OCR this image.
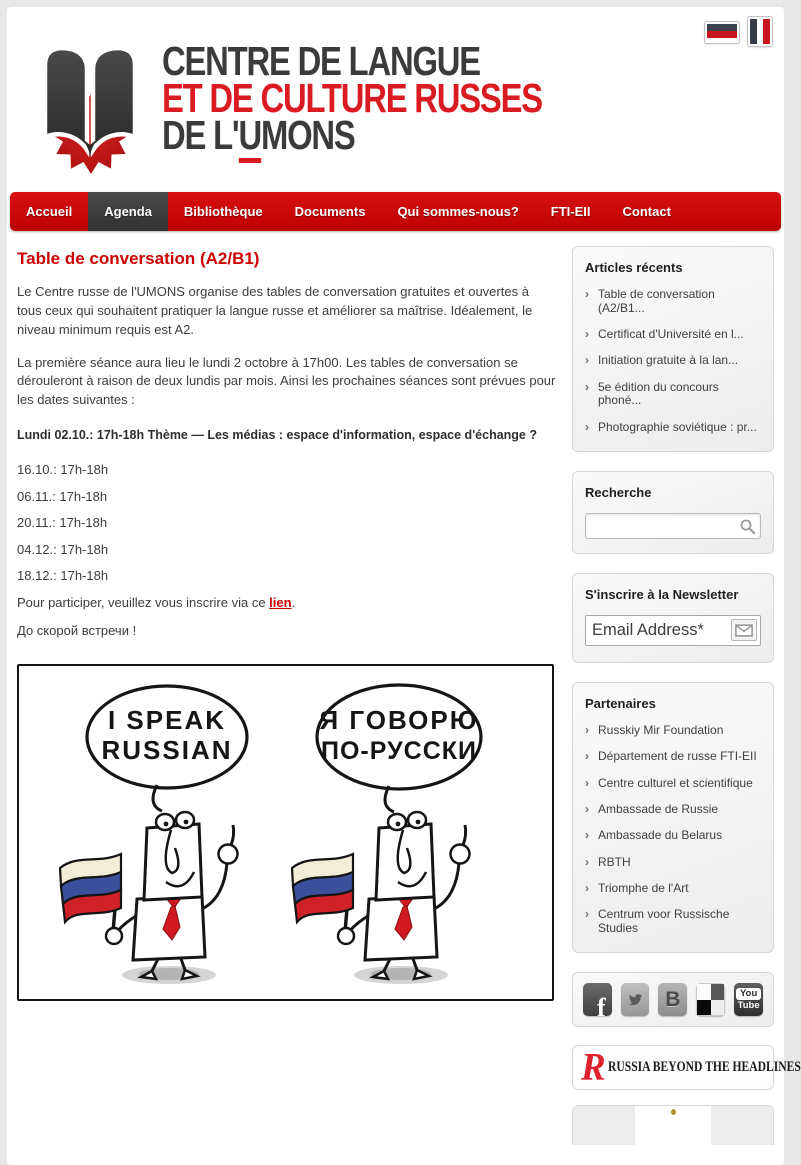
CENTRE DE LANGUE
ET DE CULTURE RUSSES
DE L'UMONS
Accueil	Agenda	Bibliothèque	Documents	Qui sommes-nous?	FTI-EII	Contact
Table de conversation (A2/B1)

Le Centre russe de l'UMONS organise des tables de conversation gratuites et ouvertes à tous ceux qui souhaitent pratiquer la langue russe et améliorer sa maîtrise. Idéalement, le niveau minimum requis est A2.

La première séance aura lieu le lundi 2 octobre à 17h00. Les tables de conversation se dérouleront à raison de deux lundis par mois. Ainsi les prochaines séances sont prévues pour les dates suivantes :

Lundi 02.10.: 17h-18h Thème — Les médias : espace d'information, espace d'échange ?

16.10.: 17h-18h

06.11.: 17h-18h

20.11.: 17h-18h

04.12.: 17h-18h

18.12.: 17h-18h

Pour participer, veuillez vous inscrire via ce lien.

До скорой встречи !

I SPEAK
RUSSIAN
Я ГОВОРЮ
ПО-РУССКИ
Articles récents
› Table de conversation (A2/B1...
› Certificat d'Université en l...
› Initiation gratuite à la lan...
› 5e édition du concours phoné...
› Photographie soviétique : pr...
Recherche
S'inscrire à la Newsletter
Email Address*
Partenaires
› Russkiy Mir Foundation
› Département de russe FTI-EII
› Centre culturel et scientifique
› Ambassade de Russie
› Ambassade du Belarus
› RBTH
› Triomphe de l'Art
› Centrum voor Russische Studies
f	B	You
Tube
R RUSSIA BEYOND THE HEADLINES
